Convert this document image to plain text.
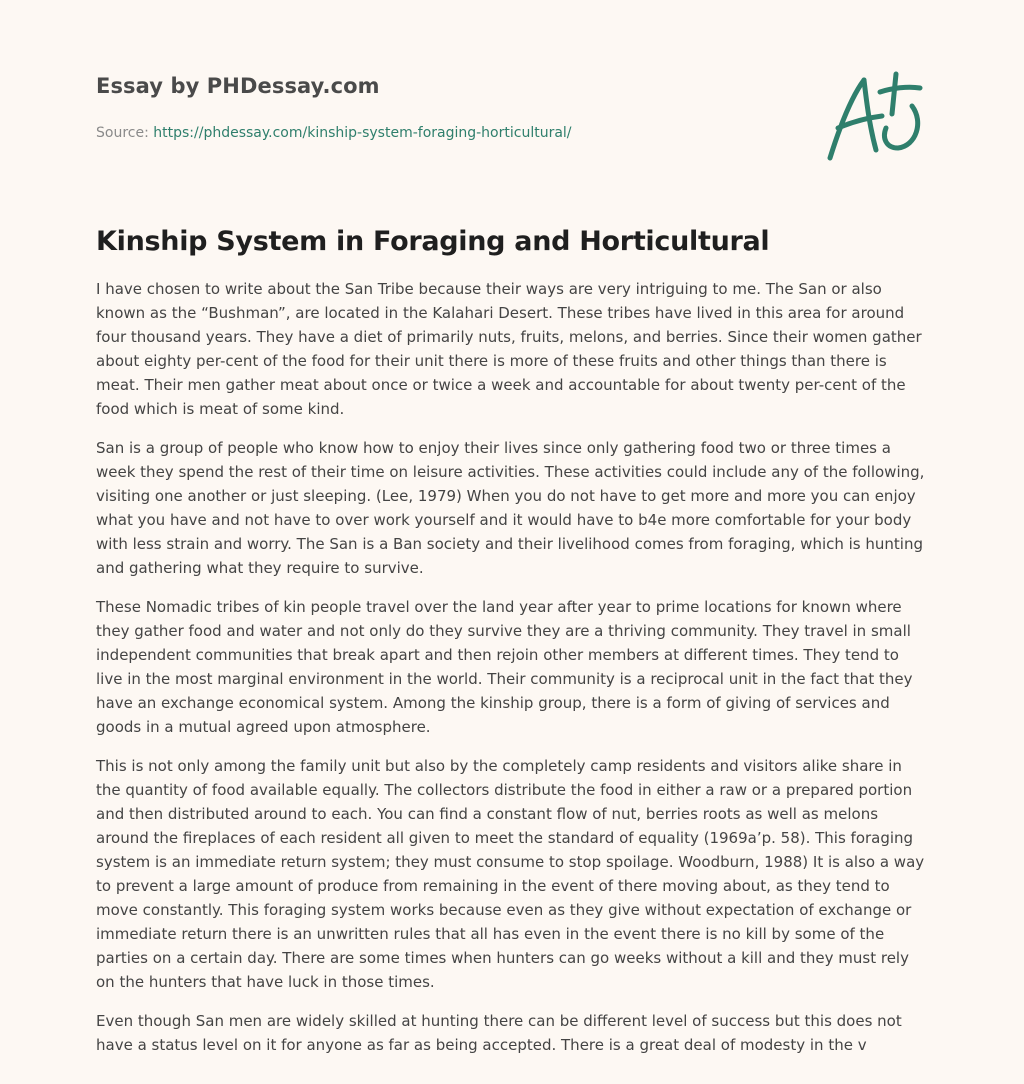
Essay by PHDessay.com
Source: https://phdessay.com/kinship-system-foraging-horticultural/
Kinship System in Foraging and Horticultural

I have chosen to write about the San Tribe because their ways are very intriguing to me. The San or also known as the “Bushman”, are located in the Kalahari Desert. These tribes have lived in this area for around four thousand years. They have a diet of primarily nuts, fruits, melons, and berries. Since their women gather about eighty per-cent of the food for their unit there is more of these fruits and other things than there is meat. Their men gather meat about once or twice a week and accountable for about twenty per-cent of the food which is meat of some kind.

San is a group of people who know how to enjoy their lives since only gathering food two or three times a week they spend the rest of their time on leisure activities. These activities could include any of the following, visiting one another or just sleeping. (Lee, 1979) When you do not have to get more and more you can enjoy what you have and not have to over work yourself and it would have to b4e more comfortable for your body with less strain and worry. The San is a Ban society and their livelihood comes from foraging, which is hunting and gathering what they require to survive.

These Nomadic tribes of kin people travel over the land year after year to prime locations for known where they gather food and water and not only do they survive they are a thriving community. They travel in small independent communities that break apart and then rejoin other members at different times. They tend to live in the most marginal environment in the world. Their community is a reciprocal unit in the fact that they have an exchange economical system. Among the kinship group, there is a form of giving of services and goods in a mutual agreed upon atmosphere.

This is not only among the family unit but also by the completely camp residents and visitors alike share in the quantity of food available equally. The collectors distribute the food in either a raw or a prepared portion and then distributed around to each. You can find a constant flow of nut, berries roots as well as melons around the fireplaces of each resident all given to meet the standard of equality (1969a’p. 58). This foraging system is an immediate return system; they must consume to stop spoilage. Woodburn, 1988) It is also a way to prevent a large amount of produce from remaining in the event of there moving about, as they tend to move constantly. This foraging system works because even as they give without expectation of exchange or immediate return there is an unwritten rules that all has even in the event there is no kill by some of the parties on a certain day. There are some times when hunters can go weeks without a kill and they must rely on the hunters that have luck in those times.

Even though San men are widely skilled at hunting there can be different level of success but this does not have a status level on it for anyone as far as being accepted. There is a great deal of modesty in the v
